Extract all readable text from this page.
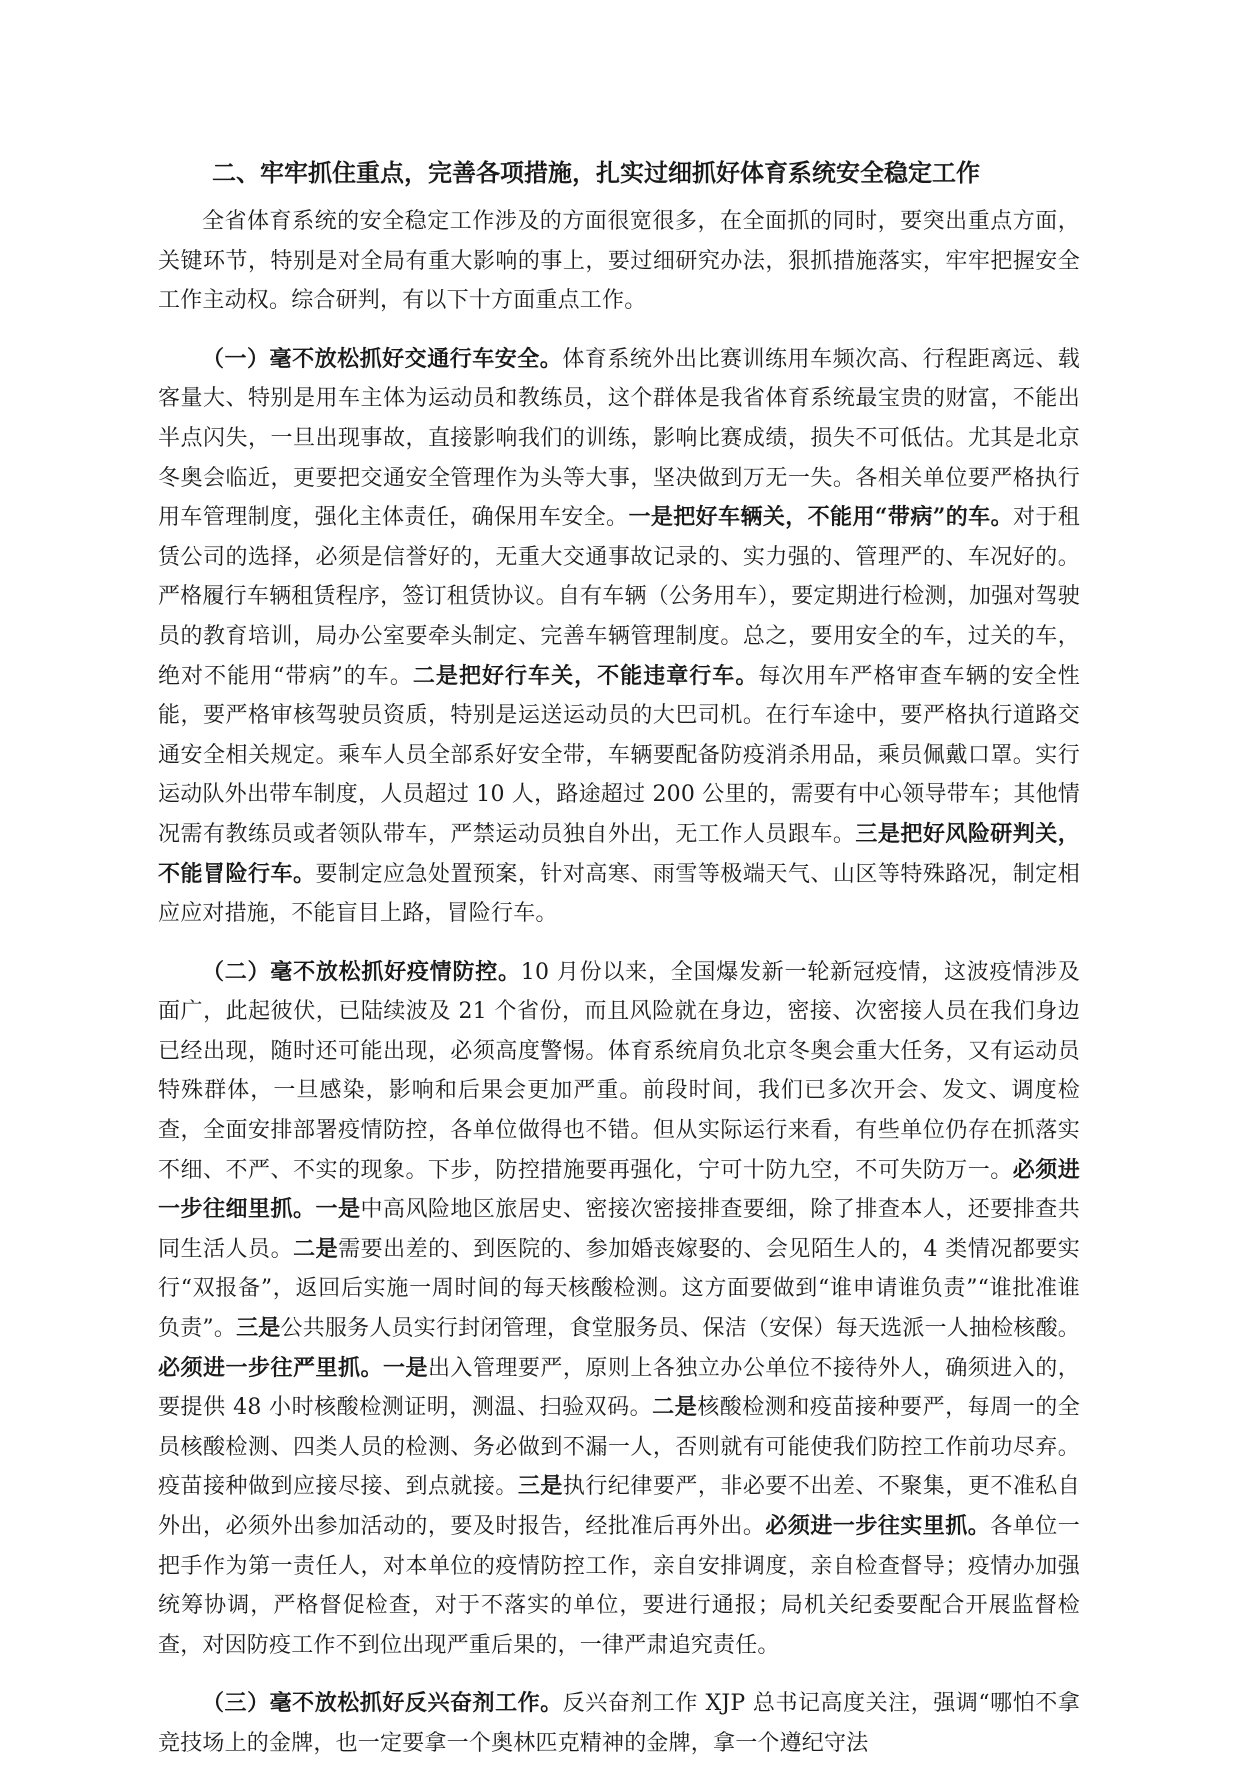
二、牢牢抓住重点，完善各项措施，扎实过细抓好体育系统安全稳定工作

全省体育系统的安全稳定工作涉及的方面很宽很多，在全面抓的同时，要突出重点方面，关键环节，特别是对全局有重大影响的事上，要过细研究办法，狠抓措施落实，牢牢把握安全工作主动权。综合研判，有以下十方面重点工作。

（一）毫不放松抓好交通行车安全。体育系统外出比赛训练用车频次高、行程距离远、载客量大、特别是用车主体为运动员和教练员，这个群体是我省体育系统最宝贵的财富，不能出半点闪失，一旦出现事故，直接影响我们的训练，影响比赛成绩，损失不可低估。尤其是北京冬奥会临近，更要把交通安全管理作为头等大事，坚决做到万无一失。各相关单位要严格执行用车管理制度，强化主体责任，确保用车安全。一是把好车辆关，不能用“带病”的车。对于租赁公司的选择，必须是信誉好的，无重大交通事故记录的、实力强的、管理严的、车况好的。严格履行车辆租赁程序，签订租赁协议。自有车辆（公务用车），要定期进行检测，加强对驾驶员的教育培训，局办公室要牵头制定、完善车辆管理制度。总之，要用安全的车，过关的车，绝对不能用“带病”的车。二是把好行车关，不能违章行车。每次用车严格审查车辆的安全性能，要严格审核驾驶员资质，特别是运送运动员的大巴司机。在行车途中，要严格执行道路交通安全相关规定。乘车人员全部系好安全带，车辆要配备防疫消杀用品，乘员佩戴口罩。实行运动队外出带车制度，人员超过 10 人，路途超过 200 公里的，需要有中心领导带车；其他情况需有教练员或者领队带车，严禁运动员独自外出，无工作人员跟车。三是把好风险研判关，不能冒险行车。要制定应急处置预案，针对高寒、雨雪等极端天气、山区等特殊路况，制定相应应对措施，不能盲目上路，冒险行车。

（二）毫不放松抓好疫情防控。10 月份以来，全国爆发新一轮新冠疫情，这波疫情涉及面广，此起彼伏，已陆续波及 21 个省份，而且风险就在身边，密接、次密接人员在我们身边已经出现，随时还可能出现，必须高度警惕。体育系统肩负北京冬奥会重大任务，又有运动员特殊群体，一旦感染，影响和后果会更加严重。前段时间，我们已多次开会、发文、调度检查，全面安排部署疫情防控，各单位做得也不错。但从实际运行来看，有些单位仍存在抓落实不细、不严、不实的现象。下步，防控措施要再强化，宁可十防九空，不可失防万一。必须进一步往细里抓。一是中高风险地区旅居史、密接次密接排查要细，除了排查本人，还要排查共同生活人员。二是需要出差的、到医院的、参加婚丧嫁娶的、会见陌生人的，4 类情况都要实行“双报备”，返回后实施一周时间的每天核酸检测。这方面要做到“谁申请谁负责”“谁批准谁负责”。三是公共服务人员实行封闭管理，食堂服务员、保洁（安保）每天选派一人抽检核酸。必须进一步往严里抓。一是出入管理要严，原则上各独立办公单位不接待外人，确须进入的，要提供 48 小时核酸检测证明，测温、扫验双码。二是核酸检测和疫苗接种要严，每周一的全员核酸检测、四类人员的检测、务必做到不漏一人，否则就有可能使我们防控工作前功尽弃。疫苗接种做到应接尽接、到点就接。三是执行纪律要严，非必要不出差、不聚集，更不准私自外出，必须外出参加活动的，要及时报告，经批准后再外出。必须进一步往实里抓。各单位一把手作为第一责任人，对本单位的疫情防控工作，亲自安排调度，亲自检查督导；疫情办加强统筹协调，严格督促检查，对于不落实的单位，要进行通报；局机关纪委要配合开展监督检查，对因防疫工作不到位出现严重后果的，一律严肃追究责任。

（三）毫不放松抓好反兴奋剂工作。反兴奋剂工作 XJP 总书记高度关注，强调“哪怕不拿竞技场上的金牌，也一定要拿一个奥林匹克精神的金牌，拿一个遵纪守法
